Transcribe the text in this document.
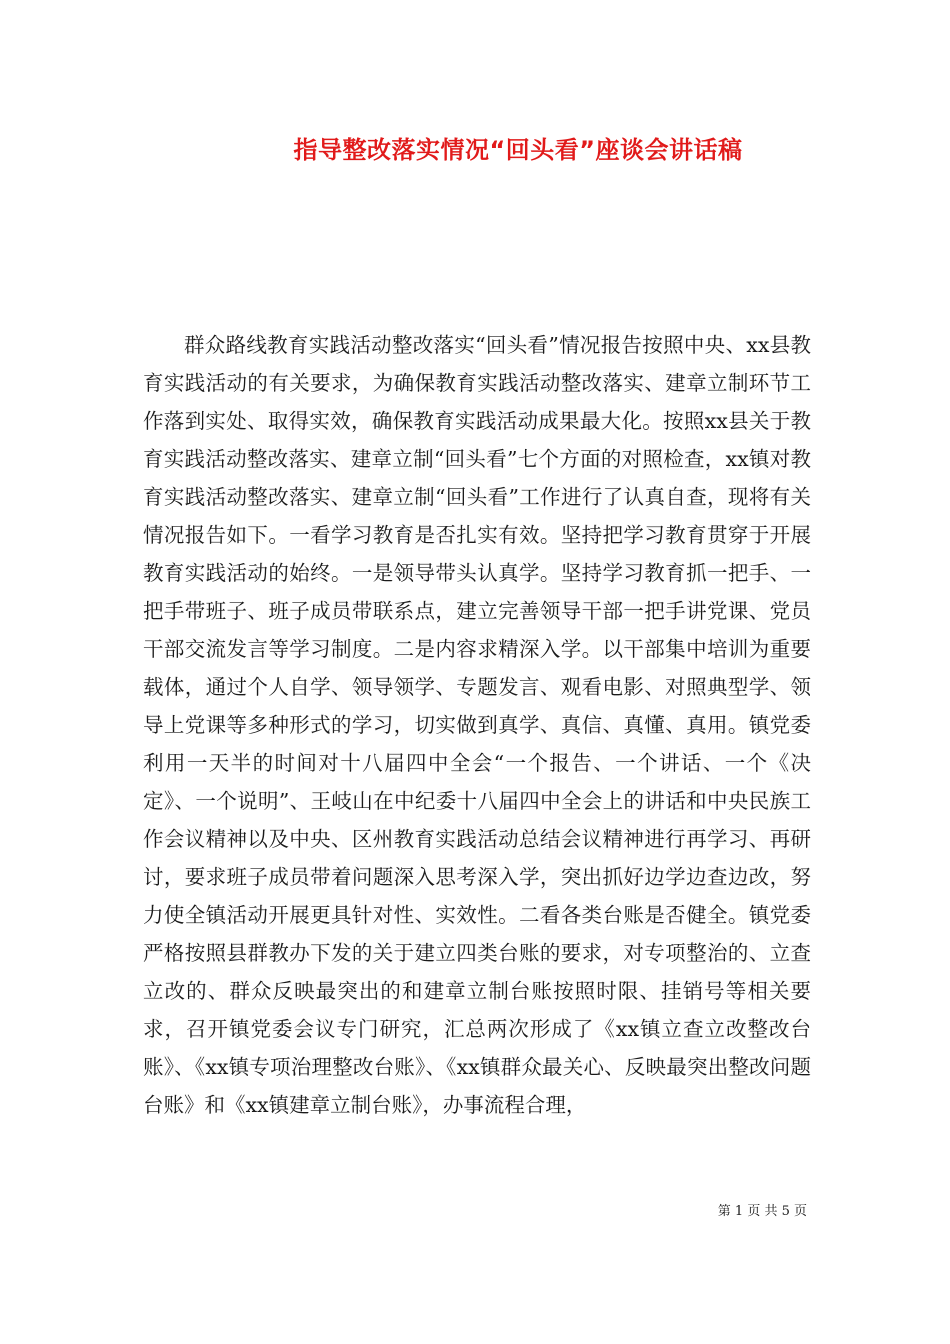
指导整改落实情况“回头看”座谈会讲话稿

群众路线教育实践活动整改落实“回头看”情况报告按照中央、xx县教育实践活动的有关要求，为确保教育实践活动整改落实、建章立制环节工作落到实处、取得实效，确保教育实践活动成果最大化。按照xx县关于教育实践活动整改落实、建章立制“回头看”七个方面的对照检查，xx镇对教育实践活动整改落实、建章立制“回头看”工作进行了认真自查，现将有关情况报告如下。一看学习教育是否扎实有效。坚持把学习教育贯穿于开展教育实践活动的始终。一是领导带头认真学。坚持学习教育抓一把手、一把手带班子、班子成员带联系点，建立完善领导干部一把手讲党课、党员干部交流发言等学习制度。二是内容求精深入学。以干部集中培训为重要载体，通过个人自学、领导领学、专题发言、观看电影、对照典型学、领导上党课等多种形式的学习，切实做到真学、真信、真懂、真用。镇党委利用一天半的时间对十八届四中全会“一个报告、一个讲话、一个《决定》、一个说明”、王岐山在中纪委十八届四中全会上的讲话和中央民族工作会议精神以及中央、区州教育实践活动总结会议精神进行再学习、再研讨，要求班子成员带着问题深入思考深入学，突出抓好边学边查边改，努力使全镇活动开展更具针对性、实效性。二看各类台账是否健全。镇党委严格按照县群教办下发的关于建立四类台账的要求，对专项整治的、立查立改的、群众反映最突出的和建章立制台账按照时限、挂销号等相关要求，召开镇党委会议专门研究，汇总两次形成了《xx镇立查立改整改台账》、《xx镇专项治理整改台账》、《xx镇群众最关心、反映最突出整改问题台账》和《xx镇建章立制台账》，办事流程合理，

第 1 页 共 5 页
